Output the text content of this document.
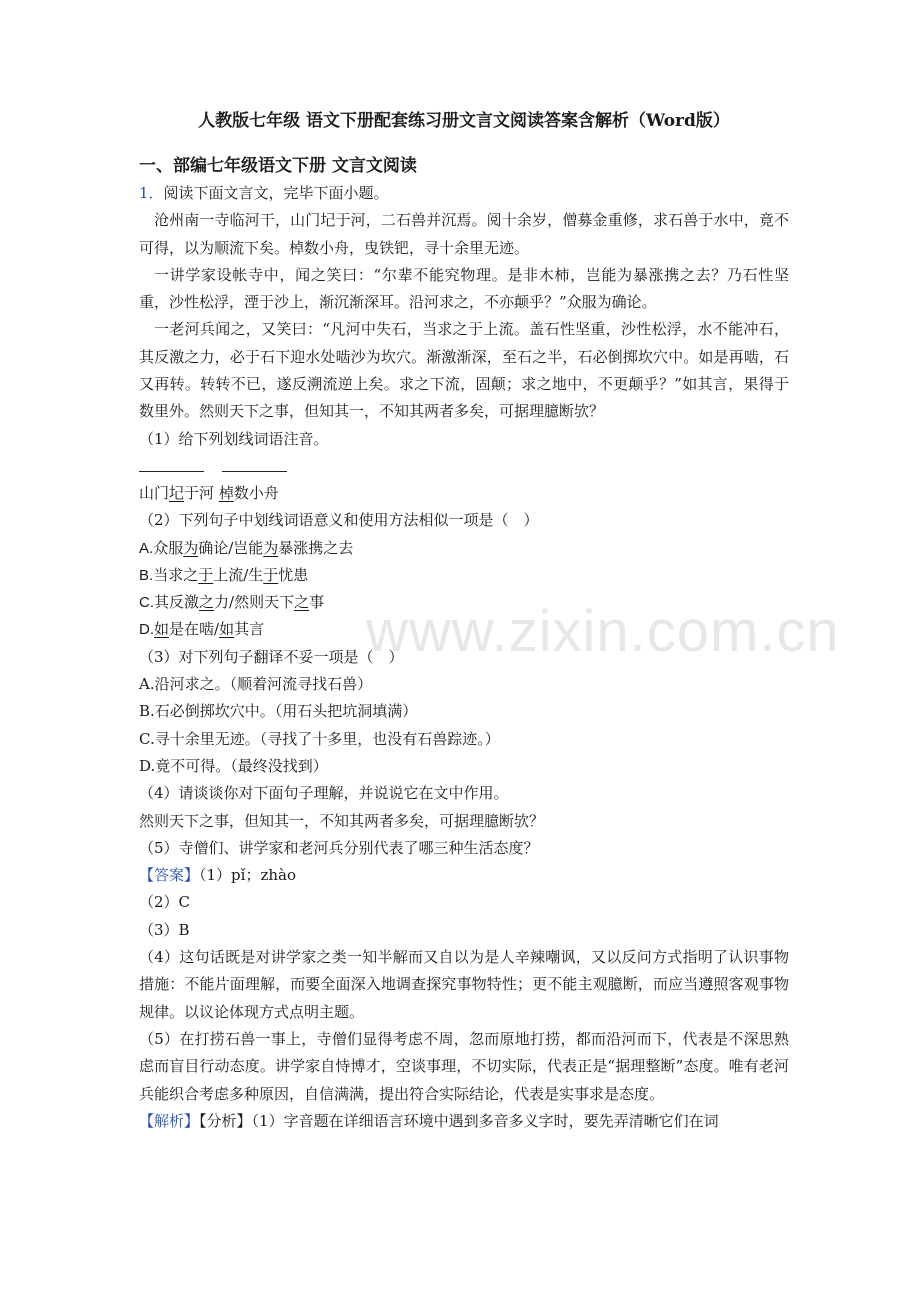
www.zixin.com.cn
人教版七年级 语文下册配套练习册文言文阅读答案含解析（Word版）
一、部编七年级语文下册 文言文阅读

1．阅读下面文言文，完毕下面小题。

沧州南一寺临河干，山门圮于河，二石兽并沉焉。阅十余岁，僧募金重修，求石兽于水中，竟不可得，以为顺流下矣。棹数小舟，曳铁钯，寻十余里无迹。

一讲学家设帐寺中，闻之笑曰：“尔辈不能究物理。是非木柿，岂能为暴涨携之去？乃石性坚重，沙性松浮，湮于沙上，渐沉渐深耳。沿河求之，不亦颠乎？”众服为确论。

一老河兵闻之，又笑曰：“凡河中失石，当求之于上流。盖石性坚重，沙性松浮，水不能冲石，其反激之力，必于石下迎水处啮沙为坎穴。渐激渐深，至石之半，石必倒掷坎穴中。如是再啮，石又再转。转转不已，遂反溯流逆上矣。求之下流，固颠；求之地中，不更颠乎？”如其言，果得于数里外。然则天下之事，但知其一，不知其两者多矣，可据理臆断欤？

（1）给下列划线词语注音。

山门圮于河 棹数小舟

（2）下列句子中划线词语意义和使用方法相似一项是（　）

A.众服为确论/岂能为暴涨携之去

B.当求之于上流/生于忧患

C.其反激之力/然则天下之事

D.如是在啮/如其言

（3）对下列句子翻译不妥一项是（　）

A.沿河求之。（顺着河流寻找石兽）

B.石必倒掷坎穴中。（用石头把坑洞填满）

C.寻十余里无迹。（寻找了十多里，也没有石兽踪迹。）

D.竟不可得。（最终没找到）

（4）请谈谈你对下面句子理解，并说说它在文中作用。

然则天下之事，但知其一，不知其两者多矣，可据理臆断欤？

（5）寺僧们、讲学家和老河兵分别代表了哪三种生活态度？

【答案】（1）pǐ；zhào

（2）C

（3）B

（4）这句话既是对讲学家之类一知半解而又自以为是人辛辣嘲讽，又以反问方式指明了认识事物措施：不能片面理解，而要全面深入地调查探究事物特性；更不能主观臆断，而应当遵照客观事物规律。以议论体现方式点明主题。

（5）在打捞石兽一事上，寺僧们显得考虑不周，忽而原地打捞，都而沿河而下，代表是不深思熟虑而盲目行动态度。讲学家自恃博才，空谈事理，不切实际，代表正是“据理整断”态度。唯有老河兵能织合考虑多种原因，自信满满，提出符合实际结论，代表是实事求是态度。

【解析】【分析】（1）字音题在详细语言环境中遇到多音多义字时，要先弄清晰它们在词
